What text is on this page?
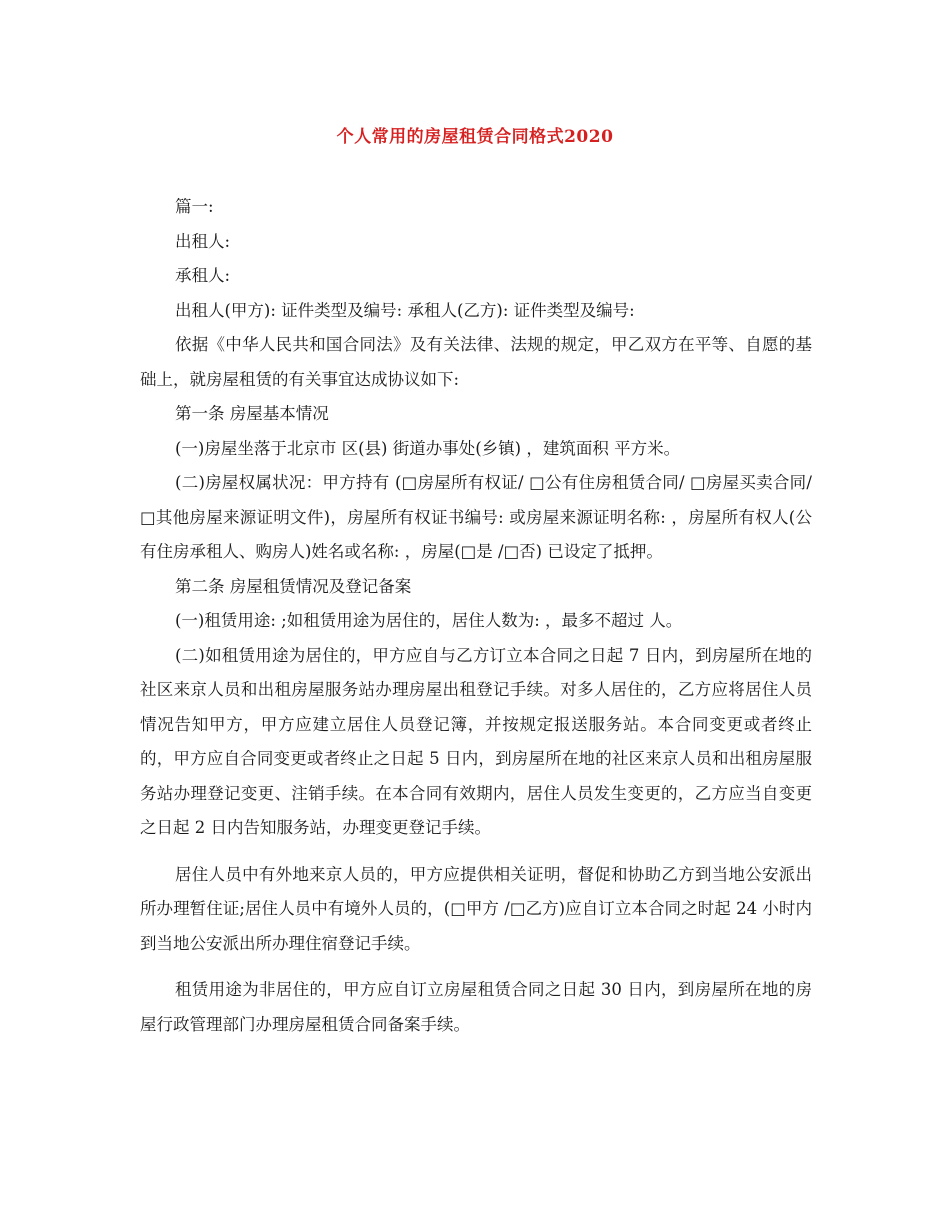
个人常用的房屋租赁合同格式2020

篇一:

出租人:

承租人:

出租人(甲方): 证件类型及编号: 承租人(乙方): 证件类型及编号:

依据《中华人民共和国合同法》及有关法律、法规的规定，甲乙双方在平等、自愿的基础上，就房屋租赁的有关事宜达成协议如下:

第一条 房屋基本情况

(一)房屋坐落于北京市 区(县) 街道办事处(乡镇) ，建筑面积 平方米。

(二)房屋权属状况：甲方持有 (□房屋所有权证/ □公有住房租赁合同/ □房屋买卖合同/ □其他房屋来源证明文件)，房屋所有权证书编号: 或房屋来源证明名称: ，房屋所有权人(公有住房承租人、购房人)姓名或名称: ，房屋(□是 /□否) 已设定了抵押。

第二条 房屋租赁情况及登记备案

(一)租赁用途: ;如租赁用途为居住的，居住人数为: ，最多不超过 人。

(二)如租赁用途为居住的，甲方应自与乙方订立本合同之日起 7 日内，到房屋所在地的社区来京人员和出租房屋服务站办理房屋出租登记手续。对多人居住的，乙方应将居住人员情况告知甲方，甲方应建立居住人员登记簿，并按规定报送服务站。本合同变更或者终止的，甲方应自合同变更或者终止之日起 5 日内，到房屋所在地的社区来京人员和出租房屋服务站办理登记变更、注销手续。在本合同有效期内，居住人员发生变更的，乙方应当自变更之日起 2 日内告知服务站，办理变更登记手续。

居住人员中有外地来京人员的，甲方应提供相关证明，督促和协助乙方到当地公安派出所办理暂住证;居住人员中有境外人员的，(□甲方 /□乙方)应自订立本合同之时起 24 小时内到当地公安派出所办理住宿登记手续。

租赁用途为非居住的，甲方应自订立房屋租赁合同之日起 30 日内，到房屋所在地的房屋行政管理部门办理房屋租赁合同备案手续。
